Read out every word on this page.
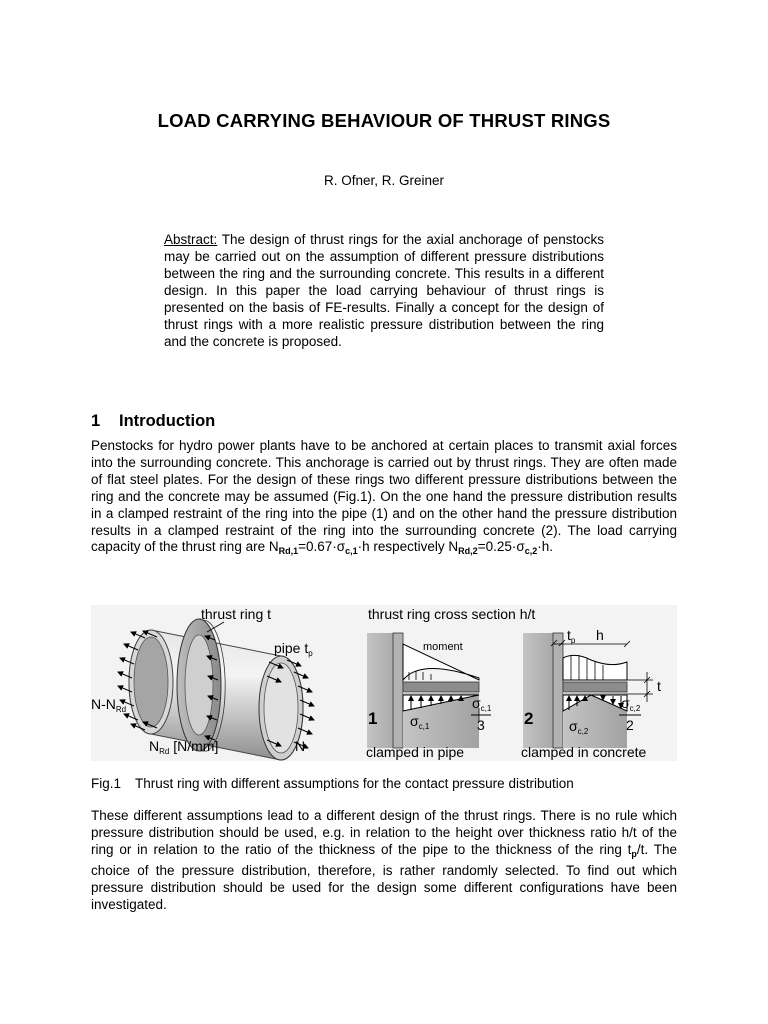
LOAD CARRYING BEHAVIOUR OF THRUST RINGS
R. Ofner, R. Greiner
Abstract: The design of thrust rings for the axial anchorage of penstocks may be carried out on the assumption of different pressure distributions between the ring and the surrounding concrete. This results in a different design. In this paper the load carrying behaviour of thrust rings is presented on the basis of FE-results. Finally a concept for the design of thrust rings with a more realistic pressure distribution between the ring and the concrete is proposed.
1 Introduction
Penstocks for hydro power plants have to be anchored at certain places to transmit axial forces into the surrounding concrete. This anchorage is carried out by thrust rings. They are often made of flat steel plates. For the design of these rings two different pressure distributions between the ring and the concrete may be assumed (Fig.1). On the one hand the pressure distribution results in a clamped restraint of the ring into the pipe (1) and on the other hand the pressure distribution results in a clamped restraint of the ring into the surrounding concrete (2). The load carrying capacity of the thrust ring are $N_{Rd,1}=0.67\cdot\sigma_{c,1}\cdot h$ respectively $N_{Rd,2}=0.25\cdot\sigma_{c,2}\cdot h$.
thrust ring t
pipe $t_p$
$N-N_{Rd}$
$N_{Rd}$ [N/mm]	N
thrust ring cross section h/t
moment
1 $\sigma_{c,1}$
$\sigma_{c,1}$
3
clamped in pipe
2	$\sigma_{c,2}$
$\sigma_{c,2}$
2
$t_p$ h
t
clamped in concrete
Fig.1 Thrust ring with different assumptions for the contact pressure distribution
These different assumptions lead to a different design of the thrust rings. There is no rule which pressure distribution should be used, e.g. in relation to the height over thickness ratio h/t of the ring or in relation to the ratio of the thickness of the pipe to the thickness of the ring $t_p/t$. The choice of the pressure distribution, therefore, is rather randomly selected. To find out which pressure distribution should be used for the design some different configurations have been investigated.
